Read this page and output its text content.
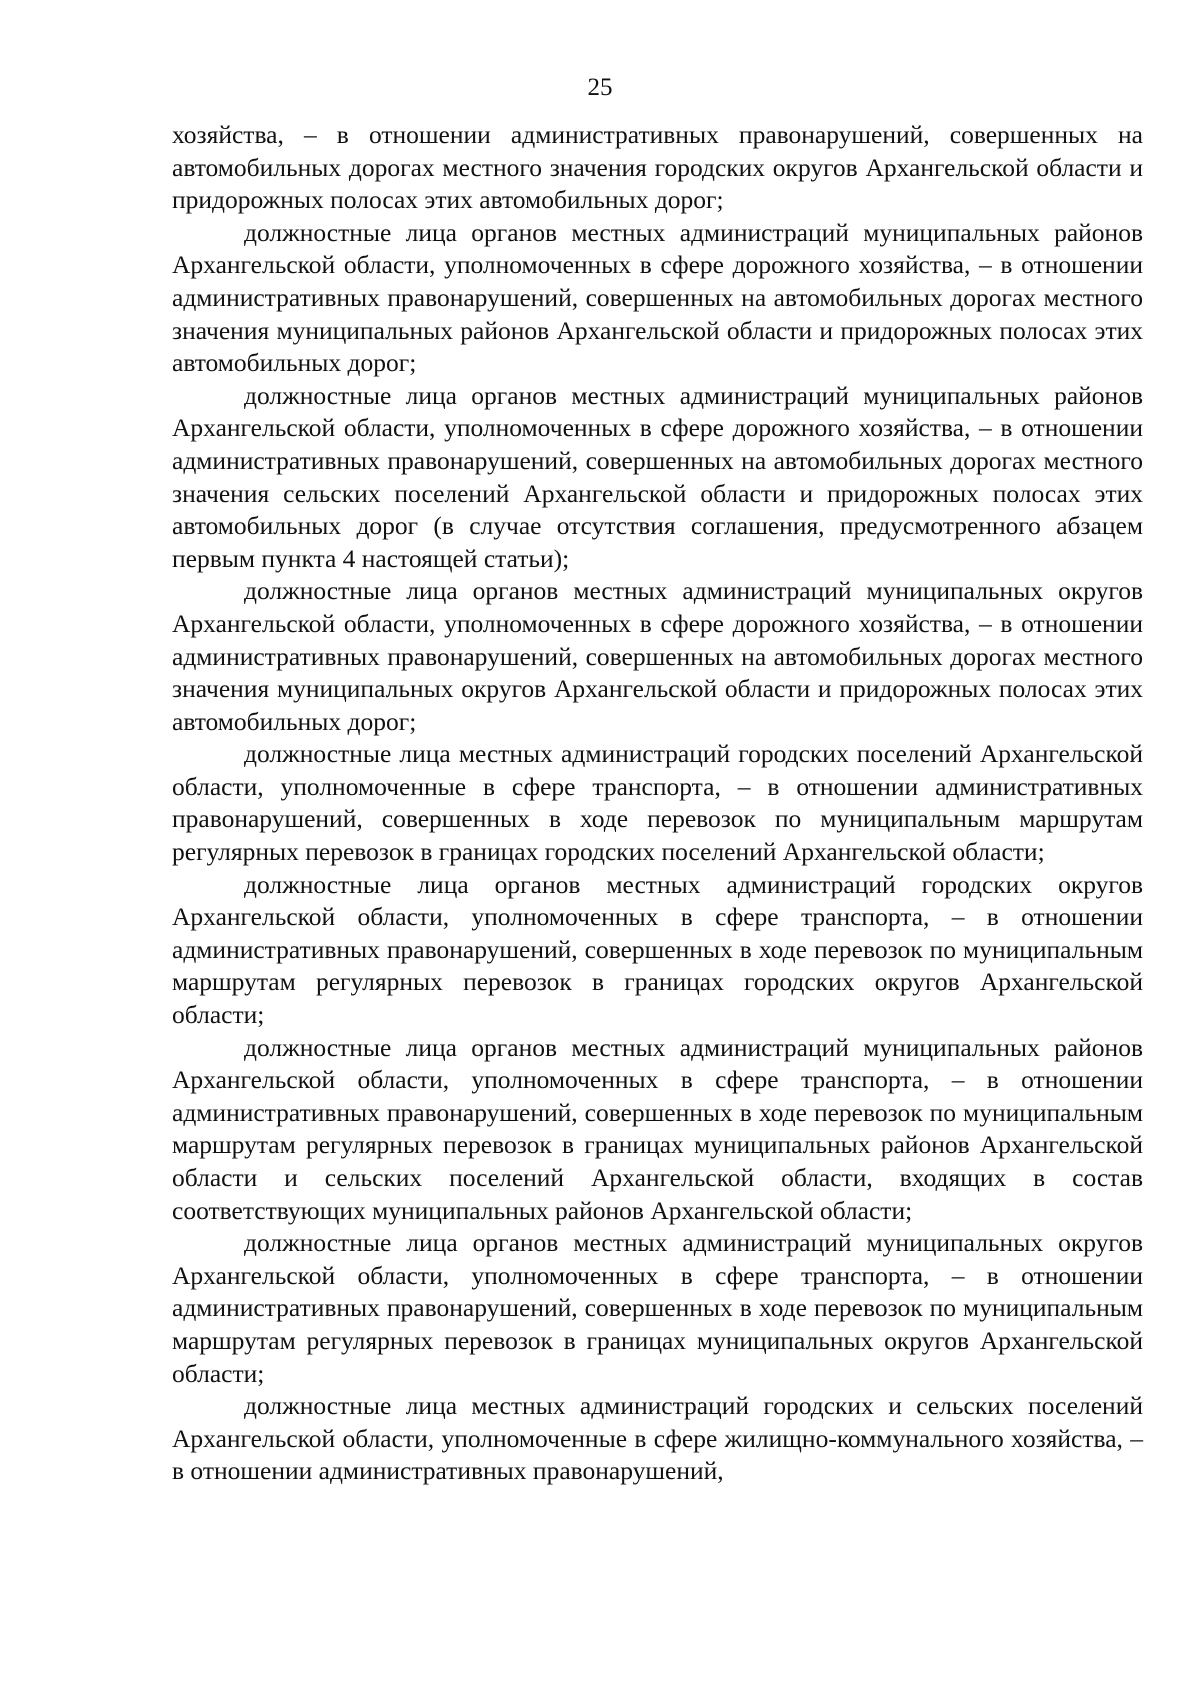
25

хозяйства, – в отношении административных правонарушений, совершенных на автомобильных дорогах местного значения городских округов Архангельской области и придорожных полосах этих автомобильных дорог;

должностные лица органов местных администраций муниципальных районов Архангельской области, уполномоченных в сфере дорожного хозяйства, – в отношении административных правонарушений, совершенных на автомобильных дорогах местного значения муниципальных районов Архангельской области и придорожных полосах этих автомобильных дорог;

должностные лица органов местных администраций муниципальных районов Архангельской области, уполномоченных в сфере дорожного хозяйства, – в отношении административных правонарушений, совершенных на автомобильных дорогах местного значения сельских поселений Архангельской области и придорожных полосах этих автомобильных дорог (в случае отсутствия соглашения, предусмотренного абзацем первым пункта 4 настоящей статьи);

должностные лица органов местных администраций муниципальных округов Архангельской области, уполномоченных в сфере дорожного хозяйства, – в отношении административных правонарушений, совершенных на автомобильных дорогах местного значения муниципальных округов Архангельской области и придорожных полосах этих автомобильных дорог;

должностные лица местных администраций городских поселений Архангельской области, уполномоченные в сфере транспорта, – в отношении административных правонарушений, совершенных в ходе перевозок по муниципальным маршрутам регулярных перевозок в границах городских поселений Архангельской области;

должностные лица органов местных администраций городских округов Архангельской области, уполномоченных в сфере транспорта, – в отношении административных правонарушений, совершенных в ходе перевозок по муниципальным маршрутам регулярных перевозок в границах городских округов Архангельской области;

должностные лица органов местных администраций муниципальных районов Архангельской области, уполномоченных в сфере транспорта, – в отношении административных правонарушений, совершенных в ходе перевозок по муниципальным маршрутам регулярных перевозок в границах муниципальных районов Архангельской области и сельских поселений Архангельской области, входящих в состав соответствующих муниципальных районов Архангельской области;

должностные лица органов местных администраций муниципальных округов Архангельской области, уполномоченных в сфере транспорта, – в отношении административных правонарушений, совершенных в ходе перевозок по муниципальным маршрутам регулярных перевозок в границах муниципальных округов Архангельской области;

должностные лица местных администраций городских и сельских поселений Архангельской области, уполномоченные в сфере жилищно-коммунального хозяйства, – в отношении административных правонарушений,
